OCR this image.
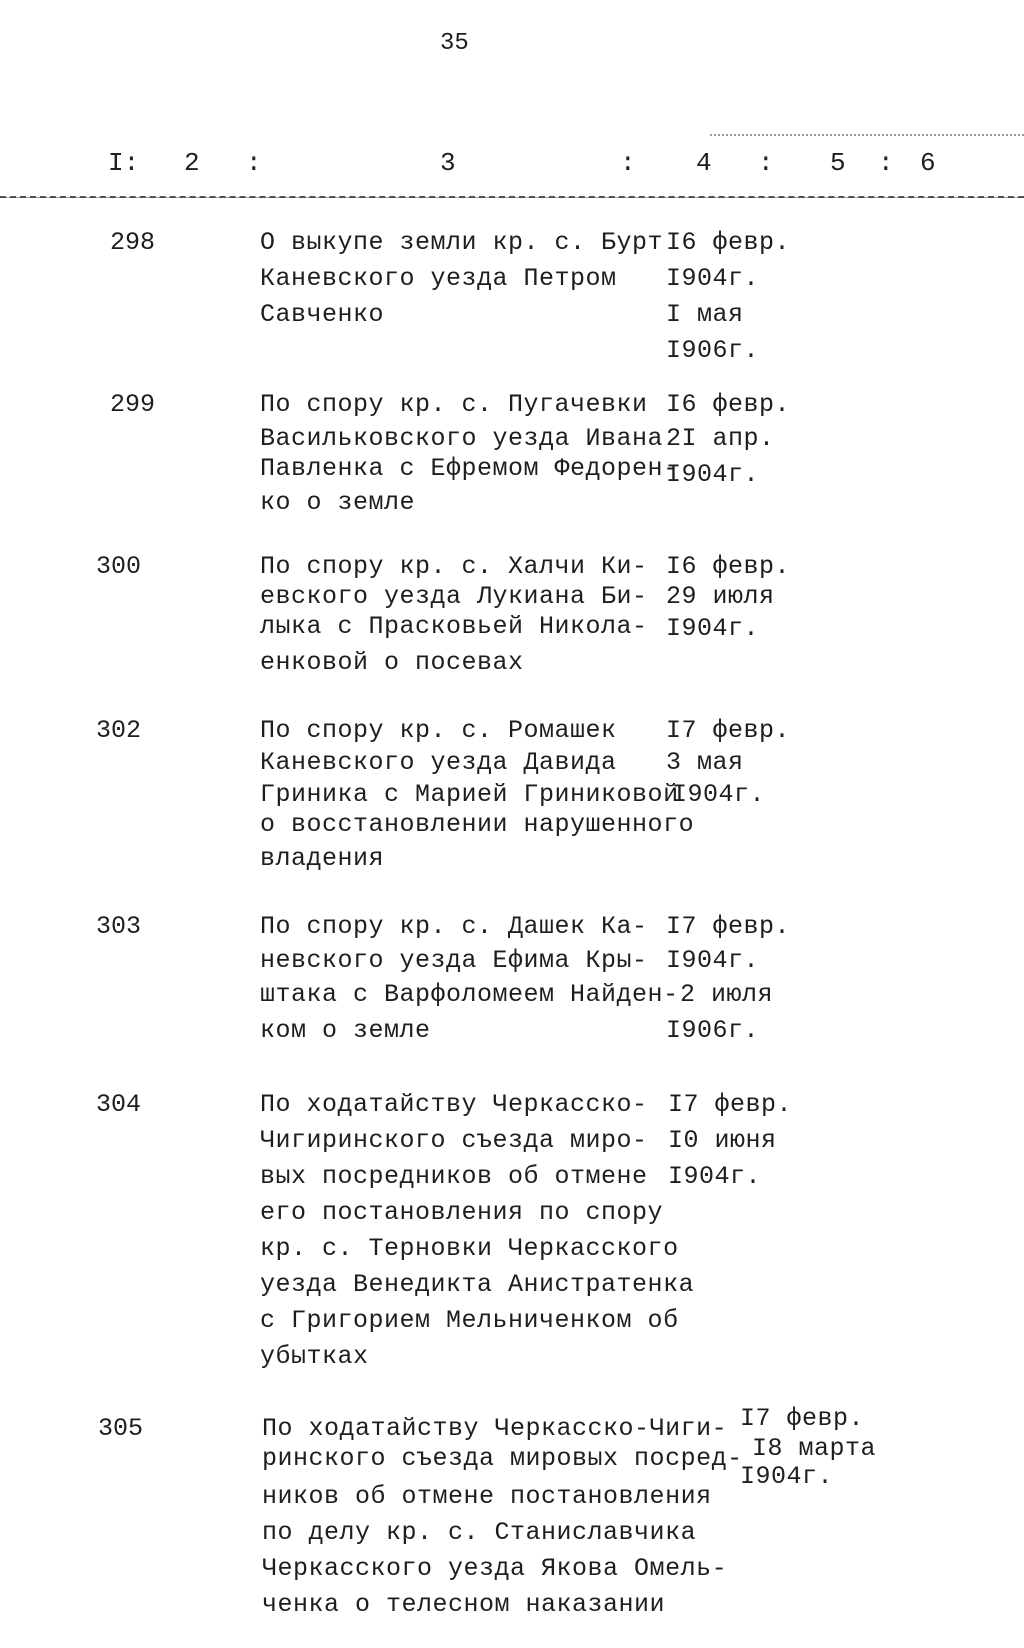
35
I: 2 :	3	: 4 : 5 : 6
298	О выкупе земли кр. с. Бурт
Каневского уезда Петром
Савченко
I6 февр.
I904г.
I мая
I906г.
299	По спору кр. с. Пугачевки
Васильковского уезда Ивана
Павленка с Ефремом Федорен-
ко о земле
I6 февр.
2I апр.
I904г.
300	По спору кр. с. Халчи Ки-
евского уезда Лукиана Би-
лыка с Прасковьей Никола-
енковой о посевах
I6 февр.
29 июля
I904г.
302	По спору кр. с. Ромашек
Каневского уезда Давида
Гриника с Марией Гриниковой
о восстановлении нарушенного
владения
I7 февр.
3 мая
I904г.
303	По спору кр. с. Дашек Ка-
невского уезда Ефима Кры-
штака с Варфоломеем Найден-
ком о земле
I7 февр.
I904г.
2 июля
I906г.
304	По ходатайству Черкасско-
Чигиринского съезда миро-
вых посредников об отмене
его постановления по спору
кр. с. Терновки Черкасского
уезда Венедикта Анистратенка
с Григорием Мельниченком об
убытках
I7 февр.
I0 июня
I904г.
305	По ходатайству Черкасско-Чиги-
ринского съезда мировых посред-
ников об отмене постановления
по делу кр. с. Станиславчика
Черкасского уезда Якова Омель-
ченка о телесном наказании
I7 февр.
I8 марта
I904г.
